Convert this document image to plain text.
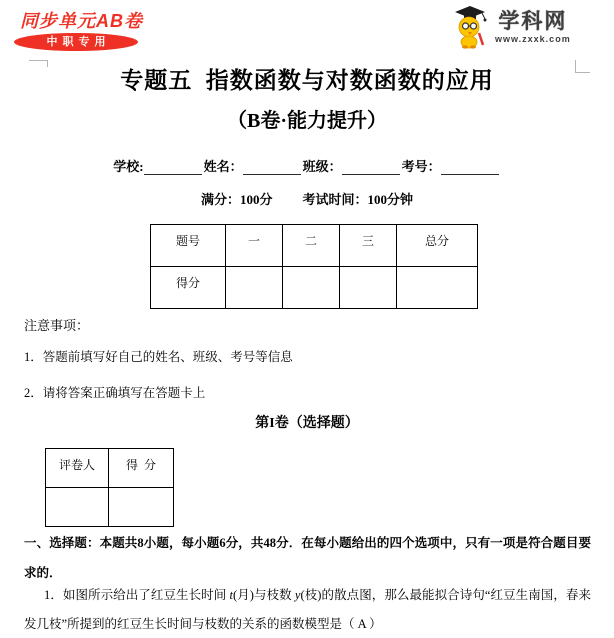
同步单元AB卷
中职专用
学科网
www.zxxk.com
专题五  指数函数与对数函数的应用
（B卷·能力提升）
学校:	姓名：	班级：	考号：
满分：100分 考试时间：100分钟
题号	一	二	三	总分
得分				
注意事项：
1．答题前填写好自己的姓名、班级、考号等信息
2．请将答案正确填写在答题卡上
第I卷（选择题）
评卷人	得  分

一、选择题：本题共8小题，每小题6分，共48分．在每小题给出的四个选项中，只有一项是符合题目要求的．

1．如图所示给出了红豆生长时间 t(月)与枝数 y(枝)的散点图，那么最能拟合诗句“红豆生南国，春来发几枝”所提到的红豆生长时间与枝数的关系的函数模型是（ A ）
